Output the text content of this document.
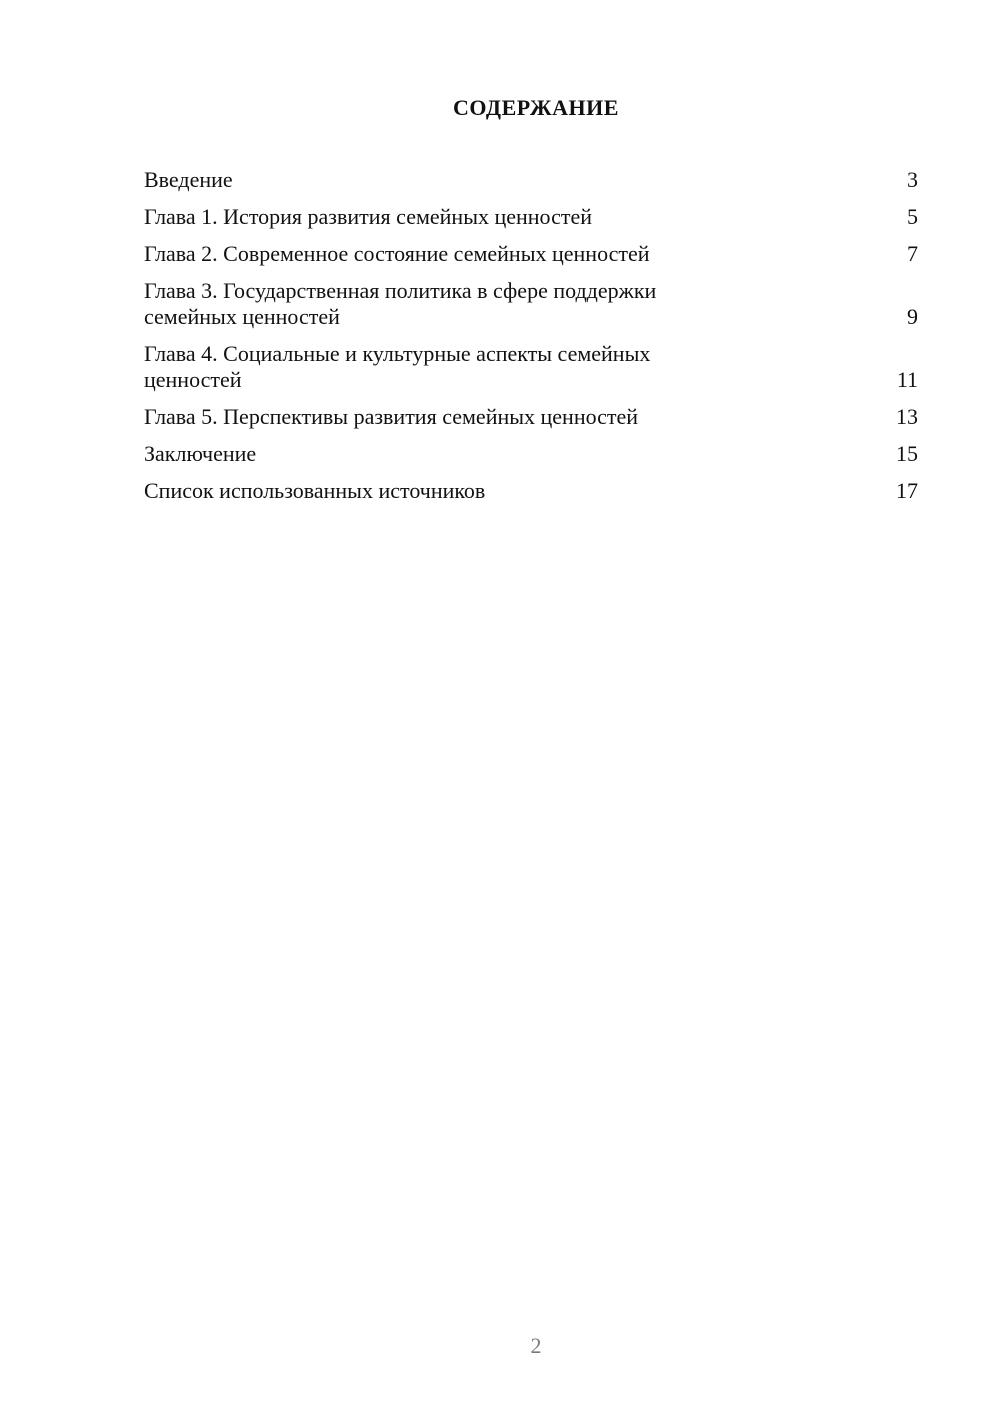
СОДЕРЖАНИЕ
Введение	3
Глава 1. История развития семейных ценностей	5
Глава 2. Современное состояние семейных ценностей	7
Глава 3. Государственная политика в сфере поддержки семейных ценностей	9
Глава 4. Социальные и культурные аспекты семейных ценностей	11
Глава 5. Перспективы развития семейных ценностей	13
Заключение	15
Список использованных источников	17
2
